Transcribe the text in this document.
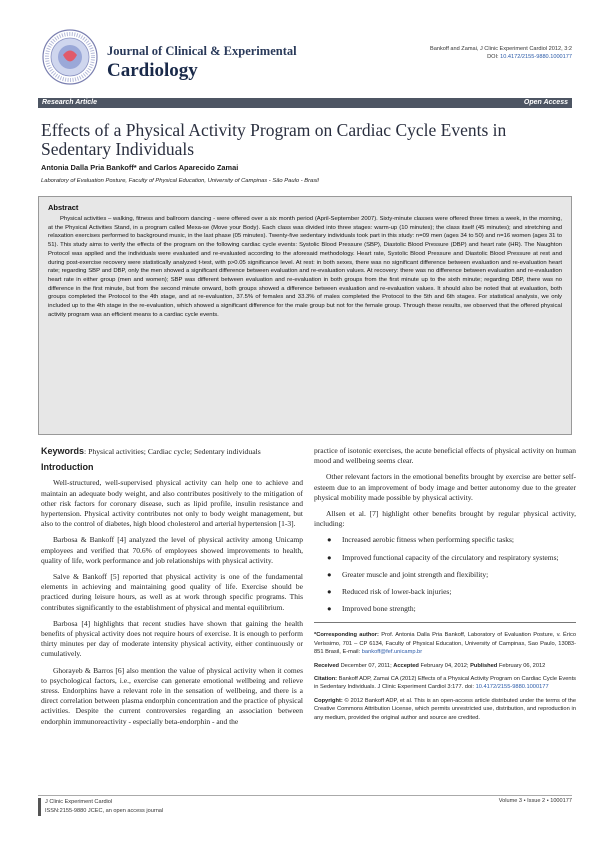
Journal of Clinical & Experimental
Cardiology
Bankoff and Zamai, J Clinic Experiment Cardiol 2012, 3:2
DOI: 10.4172/2155-9880.1000177
Research Article	Open Access
Effects of a Physical Activity Program on Cardiac Cycle Events in Sedentary Individuals
Antonia Dalla Pria Bankoff* and Carlos Aparecido Zamai
Laboratory of Evaluation Posture, Faculty of Physical Education, University of Campinas - São Paulo - Brasil
Abstract

Physical activities – walking, fitness and ballroom dancing - were offered over a six month period (April-September 2007). Sixty-minute classes were offered three times a week, in the morning, at the Physical Activities Stand, in a program called Mexa-se (Move your Body). Each class was divided into three stages: warm-up (10 minutes); the class itself (45 minutes); and stretching and relaxation exercises performed to background music, in the last phase (05 minutes). Twenty-five sedentary individuals took part in this study: n=09 men (ages 34 to 50) and n=16 women (ages 31 to 51). This study aims to verify the effects of the program on the following cardiac cycle events: Systolic Blood Pressure (SBP), Diastolic Blood Pressure (DBP) and heart rate (HR). The Naughton Protocol was applied and the individuals were evaluated and re-evaluated according to the aforesaid methodology. Heart rate, Systolic Blood Pressure and Diastolic Blood Pressure at rest and during post-exercise recovery were statistically analyzed t-test, with p>0.05 significance level. At rest: in both sexes, there was no significant difference between evaluation and re-evaluation heart rate; regarding SBP and DBP, only the men showed a significant difference between evaluation and re-evaluation values. At recovery: there was no difference between evaluation and re-evaluation heart rate in either group (men and women); SBP was different between evaluation and re-evaluation in both groups from the first minute up to the sixth minute; regarding DBP, there was no difference in the first minute, but from the second minute onward, both groups showed a difference between evaluation and re-evaluation values. It should also be noted that at evaluation, both groups completed the Protocol to the 4th stage, and at re-evaluation, 37.5% of females and 33.3% of males completed the Protocol to the 5th and 6th stages. For statistical analysis, we only included up to the 4th stage in the re-evaluation, which showed a significant difference for the male group but not for the female group. Through these results, we observed that the offered physical activity program was an efficient means to a cardiac cycle events.

Keywords: Physical activities; Cardiac cycle; Sedentary individuals

Introduction

Well-structured, well-supervised physical activity can help one to achieve and maintain an adequate body weight, and also contributes positively to the mitigation of other risk factors for coronary disease, such as lipid profile, insulin resistance and hypertension. Physical activity contributes not only to body weight management, but also to the control of diabetes, high blood cholesterol and arterial hypertension [1-3].

Barbosa & Bankoff [4] analyzed the level of physical activity among Unicamp employees and verified that 70.6% of employees showed improvements to health, quality of life, work performance and job relationships with physical activity.

Salve & Bankoff [5] reported that physical activity is one of the fundamental elements in achieving and maintaining good quality of life. Exercise should be practiced during leisure hours, as well as at work through specific programs. This contributes significantly to the establishment of physical and mental equilibrium.

Barbosa [4] highlights that recent studies have shown that gaining the health benefits of physical activity does not require hours of exercise. It is enough to perform thirty minutes per day of moderate intensity physical activity, either continuously or cumulatively.

Ghorayeb & Barros [6] also mention the value of physical activity when it comes to psychological factors, i.e., exercise can generate emotional wellbeing and relieve stress. Endorphins have a relevant role in the sensation of wellbeing, and there is a direct correlation between plasma endorphin concentration and the practice of physical activities. Despite the current controversies regarding an association between endorphin immunoreactivity - especially beta-endorphin - and the

practice of isotonic exercises, the acute beneficial effects of physical activity on human mood and wellbeing seems clear.

Other relevant factors in the emotional benefits brought by exercise are better self-esteem due to an improvement of body image and better autonomy due to the greater physical mobility made possible by physical activity.

Allsen et al. [7] highlight other benefits brought by regular physical activity, including:

● Increased aerobic fitness when performing specific tasks;
● Improved functional capacity of the circulatory and respiratory systems;
● Greater muscle and joint strength and flexibility;
● Reduced risk of lower-back injuries;
● Improved bone strength;

*Corresponding author: Prof. Antonia Dalla Pria Bankoff, Laboratory of Evaluation Posture, v. Érico Veríssimo, 701 – CP 6134, Faculty of Physical Education, University of Campinas, Sao Paulo, 13083-851 Brasil, E-mail: bankoff@fef.unicamp.br

Received December 07, 2011; Accepted February 04, 2012; Published February 06, 2012

Citation: Bankoff ADP, Zamai CA (2012) Effects of a Physical Activity Program on Cardiac Cycle Events in Sedentary Individuals. J Clinic Experiment Cardiol 3:177. doi: 10.4172/2155-9880.1000177

Copyright: © 2012 Bankoff ADP, et al. This is an open-access article distributed under the terms of the Creative Commons Attribution License, which permits unrestricted use, distribution, and reproduction in any medium, provided the original author and source are credited.

J Clinic Experiment Cardiol
ISSN:2155-9880 JCEC, an open access journal
Volume 3 • Issue 2 • 1000177
